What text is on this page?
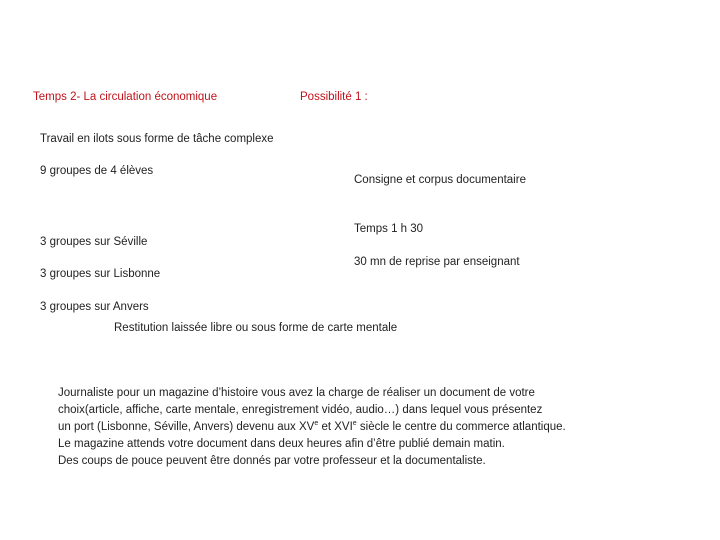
Temps 2- La circulation économique	Possibilité 1 :
Travail en ilots sous forme de tâche complexe
9 groupes de 4 élèves
3 groupes sur Séville
3 groupes sur Lisbonne
3 groupes sur Anvers
Consigne et corpus documentaire
Temps 1 h 30
30 mn de reprise par enseignant
Restitution laissée libre ou sous forme de carte mentale
Journaliste pour un magazine d’histoire vous avez la charge de réaliser un document de votre
choix(article, affiche, carte mentale, enregistrement vidéo, audio…) dans lequel vous présentez
un port (Lisbonne, Séville, Anvers) devenu aux XVe et XVIe siècle le centre du commerce atlantique.
Le magazine attends votre document dans deux heures afin d’être publié demain matin.
Des coups de pouce peuvent être donnés par votre professeur et la documentaliste.
